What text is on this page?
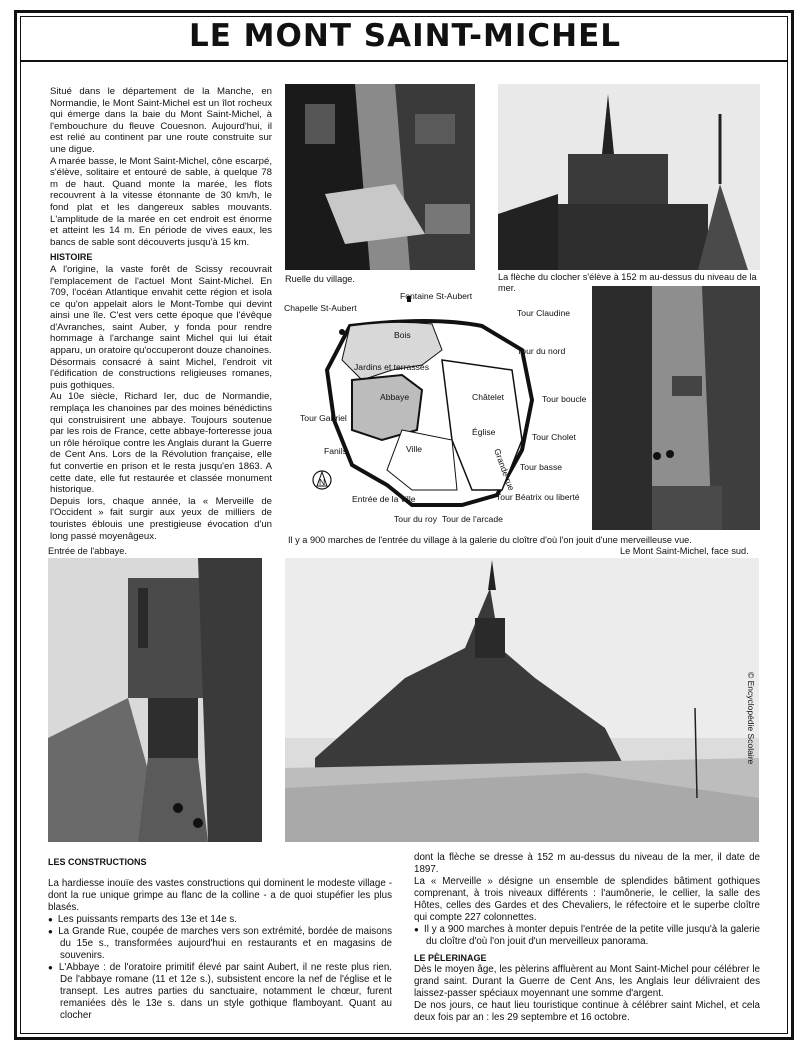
LE MONT SAINT-MICHEL

Situé dans le département de la Manche, en Normandie, le Mont Saint-Michel est un îlot rocheux qui émerge dans la baie du Mont Saint-Michel, à l'embouchure du fleuve Couesnon. Aujourd'hui, il est relié au continent par une route construite sur une digue.

A marée basse, le Mont Saint-Michel, cône escarpé, s'élève, solitaire et entouré de sable, à quelque 78 m de haut. Quand monte la marée, les flots recouvrent à la vitesse étonnante de 30 km/h, le fond plat et les dangereux sables mouvants. L'amplitude de la marée en cet endroit est énorme et atteint les 14 m. En période de vives eaux, les bancs de sable sont découverts jusqu'à 15 km.

HISTOIRE

A l'origine, la vaste forêt de Scissy recouvrait l'emplacement de l'actuel Mont Saint-Michel. En 709, l'océan Atlantique envahit cette région et isola ce qu'on appelait alors le Mont-Tombe qui devint ainsi une île. C'est vers cette époque que l'évêque d'Avranches, saint Auber, y fonda pour rendre hommage à l'archange saint Michel qui lui était apparu, un oratoire qu'occuperont douze chanoines.

Désormais consacré à saint Michel, l'endroit vit l'édification de constructions religieuses romanes, puis gothiques.

Au 10e siècle, Richard Ier, duc de Normandie, remplaça les chanoines par des moines bénédictins qui construisirent une abbaye. Toujours soutenue par les rois de France, cette abbaye-forteresse joua un rôle héroïque contre les Anglais durant la Guerre de Cent Ans. Lors de la Révolution française, elle fut convertie en prison et le resta jusqu'en 1863. A cette date, elle fut restaurée et classée monument historique.

Depuis lors, chaque année, la « Merveille de l'Occident » fait surgir aux yeux de milliers de touristes éblouis une prestigieuse évocation d'un long passé moyenâgeux.

Ruelle du village.	La flèche du clocher s'élève à 152 m au-dessus du niveau de la mer.
N
Fontaine St-Aubert
Chapelle St-Aubert	Tour Claudine
Tour du nord
Bois
Jardins et terrasses
Abbaye	Châtelet	Tour boucle
Église	Tour Cholet
Grande-rue
Tour Gabriel
Ville
Fanils
Tour basse
Entrée de la ville
Tour du roy Tour de l'arcade
Tour Béatrix ou liberté
Il y a 900 marches de l'entrée du village à la galerie du cloître d'où l'on jouit d'une merveilleuse vue.
Le Mont Saint-Michel, face sud.
Entrée de l'abbaye.
© Encyclopédie Scolaire

LES CONSTRUCTIONS

La hardiesse inouïe des vastes constructions qui dominent le modeste village - dont la rue unique grimpe au flanc de la colline - a de quoi stupéfier les plus blasés.

● Les puissants remparts des 13e et 14e s.

● La Grande Rue, coupée de marches vers son extrémité, bordée de maisons du 15e s., transformées aujourd'hui en restaurants et en magasins de souvenirs.

● L'Abbaye : de l'oratoire primitif élevé par saint Aubert, il ne reste plus rien. De l'abbaye romane (11 et 12e s.), subsistent encore la nef de l'église et le transept. Les autres parties du sanctuaire, notamment le chœur, furent remaniées dès le 13e s. dans un style gothique flamboyant. Quant au clocher

dont la flèche se dresse à 152 m au-dessus du niveau de la mer, il date de 1897.

La « Merveille » désigne un ensemble de splendides bâtiment gothiques comprenant, à trois niveaux différents : l'aumônerie, le cellier, la salle des Hôtes, celles des Gardes et des Chevaliers, le réfectoire et le superbe cloître qui compte 227 colonnettes.

● Il y a 900 marches à monter depuis l'entrée de la petite ville jusqu'à la galerie du cloître d'où l'on jouit d'un merveilleux panorama.

LE PÈLERINAGE

Dès le moyen âge, les pèlerins affluèrent au Mont Saint-Michel pour célébrer le grand saint. Durant la Guerre de Cent Ans, les Anglais leur délivraient des laissez-passer spéciaux moyennant une somme d'argent.

De nos jours, ce haut lieu touristique continue à célébrer saint Michel, et cela deux fois par an : les 29 septembre et 16 octobre.
